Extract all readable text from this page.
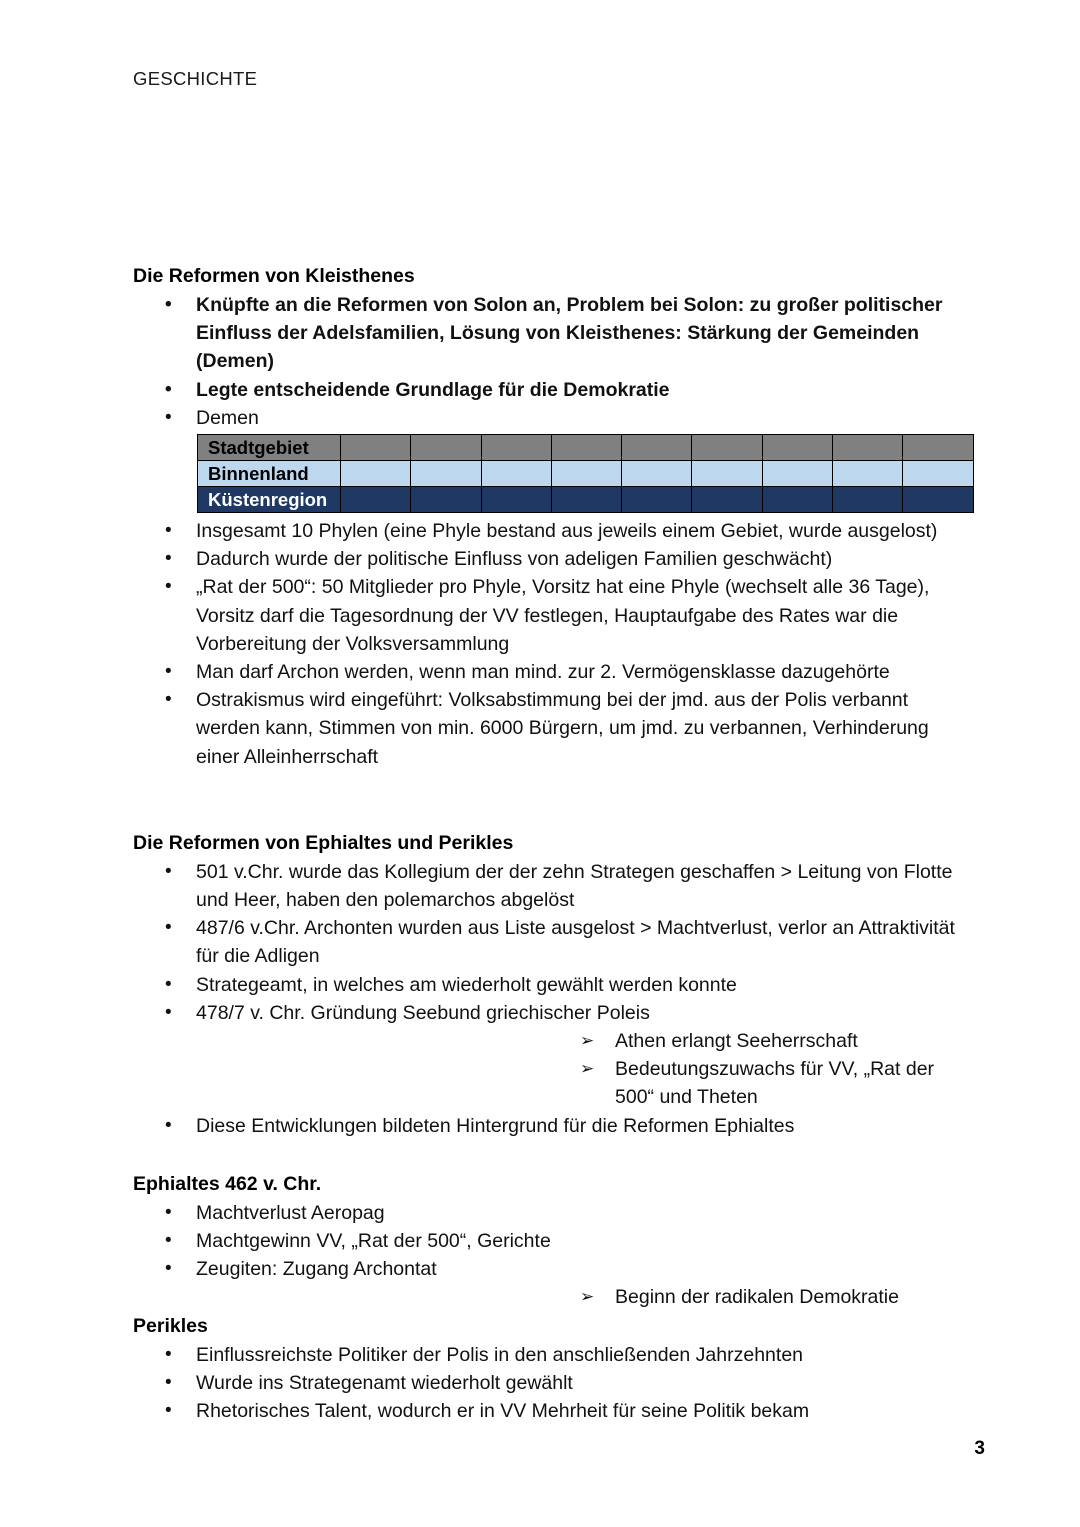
GESCHICHTE
Die Reformen von Kleisthenes
• Knüpfte an die Reformen von Solon an, Problem bei Solon: zu großer politischer Einfluss der Adelsfamilien, Lösung von Kleisthenes: Stärkung der Gemeinden (Demen)
• Legte entscheidende Grundlage für die Demokratie
• Demen
Stadtgebiet									
Binnenland									
Küstenregion									
• Insgesamt 10 Phylen (eine Phyle bestand aus jeweils einem Gebiet, wurde ausgelost)
• Dadurch wurde der politische Einfluss von adeligen Familien geschwächt)
• „Rat der 500“: 50 Mitglieder pro Phyle, Vorsitz hat eine Phyle (wechselt alle 36 Tage), Vorsitz darf die Tagesordnung der VV festlegen, Hauptaufgabe des Rates war die Vorbereitung der Volksversammlung
• Man darf Archon werden, wenn man mind. zur 2. Vermögensklasse dazugehörte
• Ostrakismus wird eingeführt: Volksabstimmung bei der jmd. aus der Polis verbannt werden kann, Stimmen von min. 6000 Bürgern, um jmd. zu verbannen, Verhinderung einer Alleinherrschaft
Die Reformen von Ephialtes und Perikles
• 501 v.Chr. wurde das Kollegium der der zehn Strategen geschaffen > Leitung von Flotte und Heer, haben den polemarchos abgelöst
• 487/6 v.Chr. Archonten wurden aus Liste ausgelost > Machtverlust, verlor an Attraktivität für die Adligen
• Strategeamt, in welches am wiederholt gewählt werden konnte
• 478/7 v. Chr. Gründung Seebund griechischer Poleis
➢ Athen erlangt Seeherrschaft
➢ Bedeutungszuwachs für VV, „Rat der 500“ und Theten
• Diese Entwicklungen bildeten Hintergrund für die Reformen Ephialtes
Ephialtes 462 v. Chr.
• Machtverlust Aeropag
• Machtgewinn VV, „Rat der 500“, Gerichte
• Zeugiten: Zugang Archontat
➢ Beginn der radikalen Demokratie
Perikles
• Einflussreichste Politiker der Polis in den anschließenden Jahrzehnten
• Wurde ins Strategenamt wiederholt gewählt
• Rhetorisches Talent, wodurch er in VV Mehrheit für seine Politik bekam
3
